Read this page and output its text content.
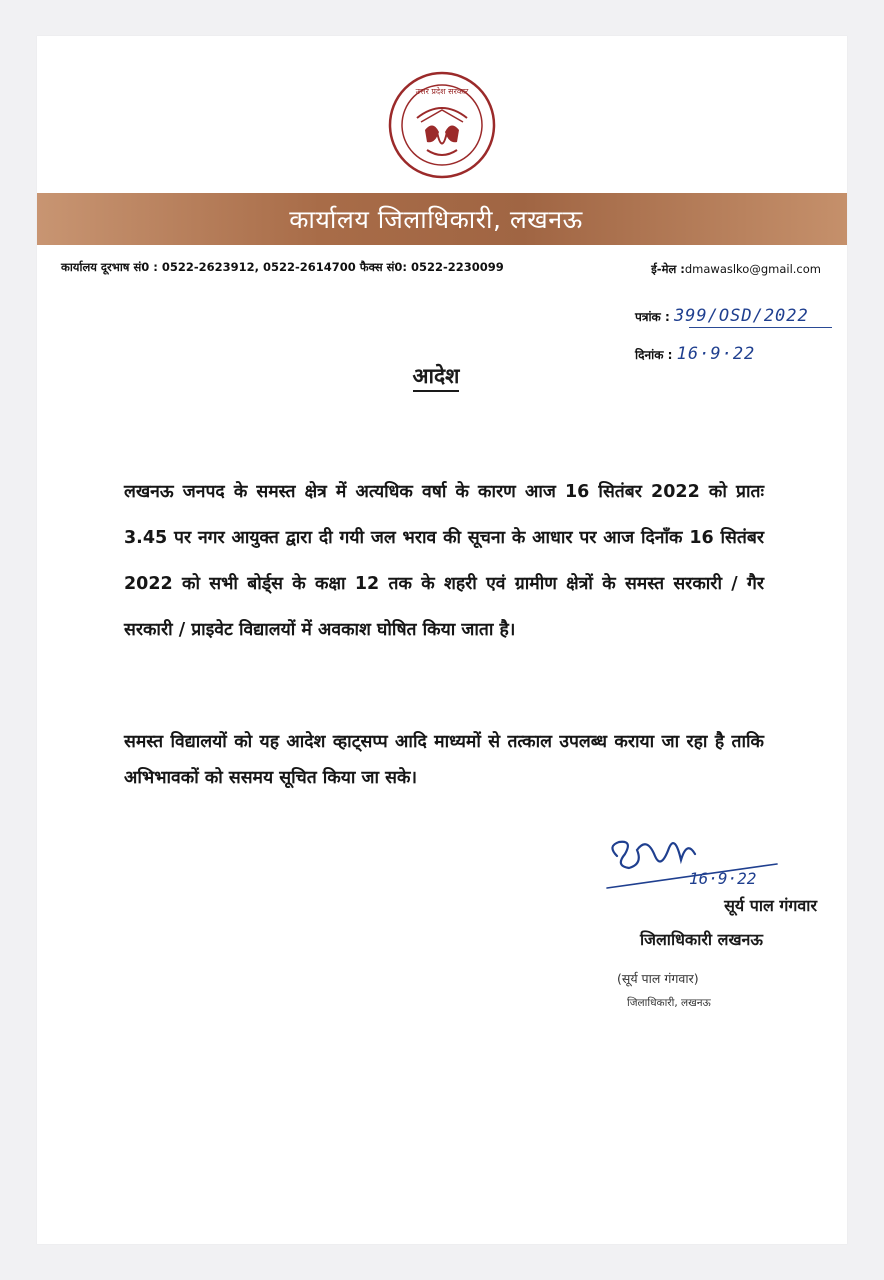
उत्तर प्रदेश सरकार
कार्यालय जिलाधिकारी, लखनऊ
कार्यालय दूरभाष सं0 : 0522-2623912, 0522-2614700 फैक्स सं0: 0522-2230099	ई-मेल :dmawaslko@gmail.com
पत्रांक : 399/OSD/2022
दिनांक : 16·9·22
आदेश

लखनऊ जनपद के समस्त क्षेत्र में अत्यधिक वर्षा के कारण आज 16 सितंबर 2022 को प्रातः 3.45 पर नगर आयुक्त द्वारा दी गयी जल भराव की सूचना के आधार पर आज दिनाँक 16 सितंबर 2022 को सभी बोर्ड्स के कक्षा 12 तक के शहरी एवं ग्रामीण क्षेत्रों के समस्त सरकारी / गैर सरकारी / प्राइवेट विद्यालयों में अवकाश घोषित किया जाता है।

समस्त विद्यालयों को यह आदेश व्हाट्सप्प आदि माध्यमों से तत्काल उपलब्ध कराया जा रहा है ताकि अभिभावकों को ससमय सूचित किया जा सके।

16·9·22
सूर्य पाल गंगवार
जिलाधिकारी लखनऊ
(सूर्य पाल गंगवार)
जिलाधिकारी, लखनऊ
